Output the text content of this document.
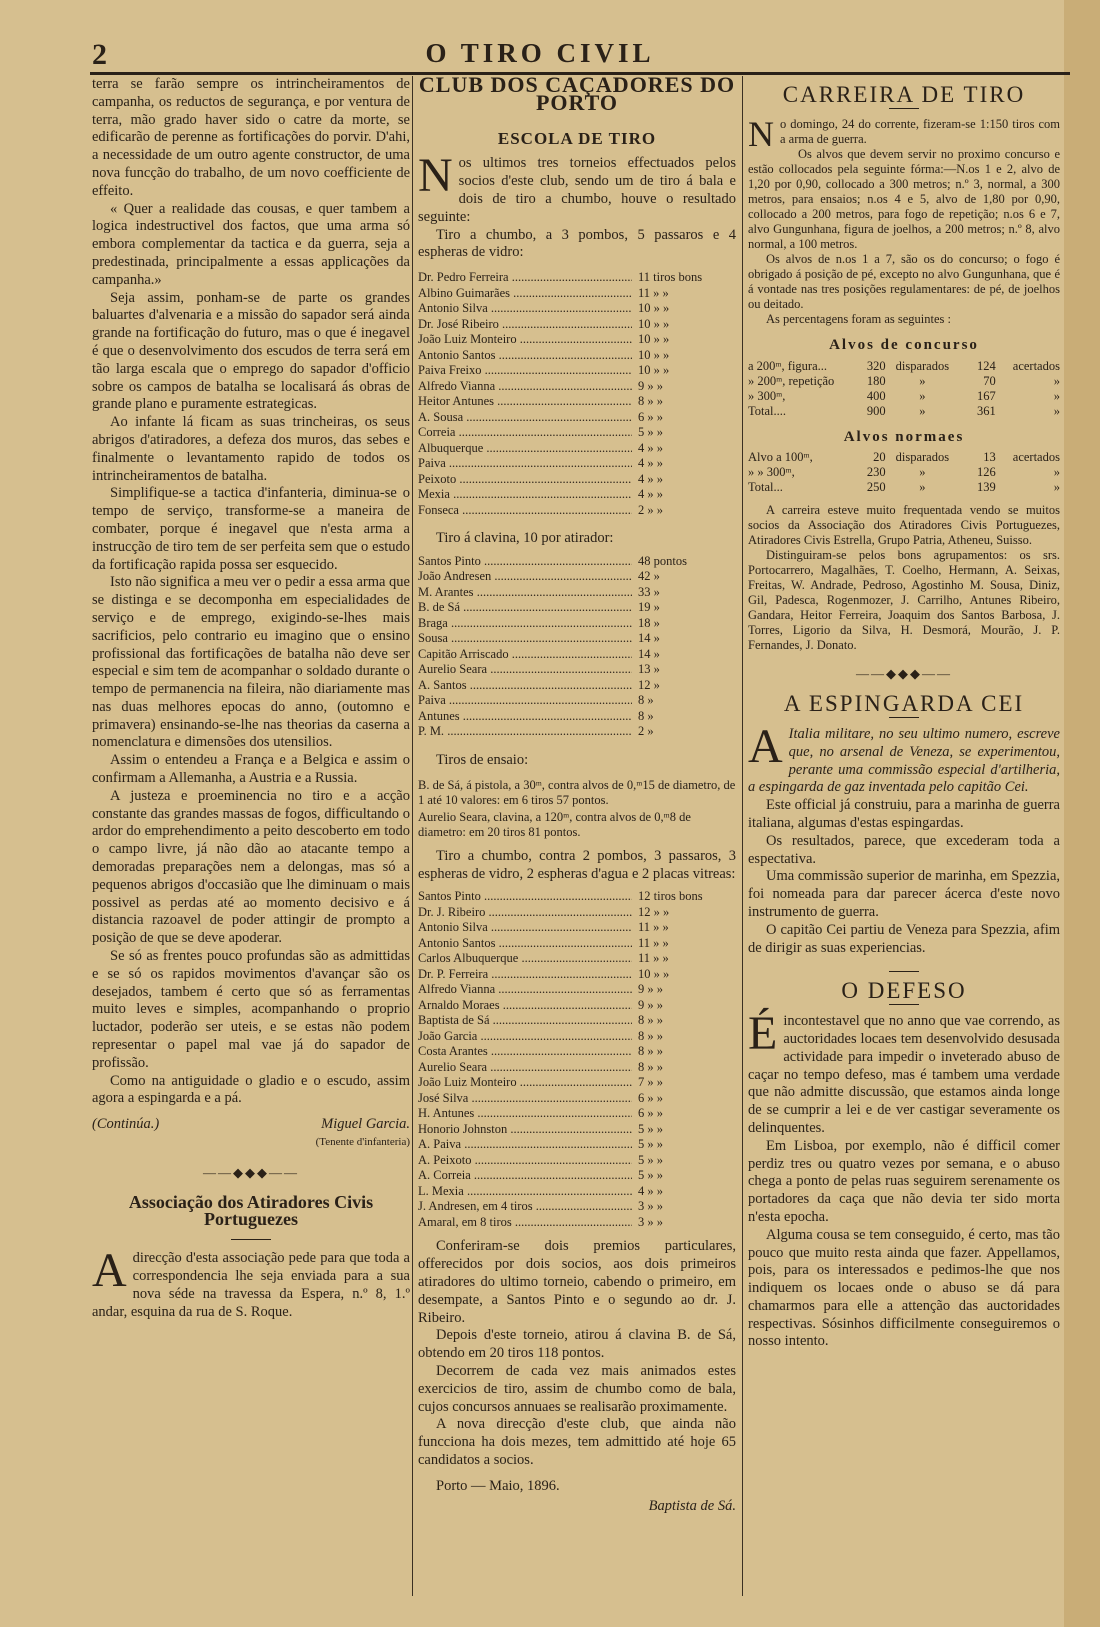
2	O TIRO CIVIL

terra se farão sempre os intrincheiramentos de campanha, os reductos de segurança, e por ventura de terra, mão grado haver sido o catre da morte, se edificarão de perenne as fortificações do porvir. D'ahi, a necessidade de um outro agente constructor, de uma nova funcção do trabalho, de um novo coefficiente de effeito.

« Quer a realidade das cousas, e quer tambem a logica indestructivel dos factos, que uma arma só embora complementar da tactica e da guerra, seja a predestinada, principalmente a essas applicações da campanha.»

Seja assim, ponham-se de parte os grandes baluartes d'alvenaria e a missão do sapador será ainda grande na fortificação do futuro, mas o que é inegavel é que o desenvolvimento dos escudos de terra será em tão larga escala que o emprego do sapador d'officio sobre os campos de batalha se localisará ás obras de grande plano e puramente estrategicas.

Ao infante lá ficam as suas trincheiras, os seus abrigos d'atiradores, a defeza dos muros, das sebes e finalmente o levantamento rapido de todos os intrincheiramentos de batalha.

Simplifique-se a tactica d'infanteria, diminua-se o tempo de serviço, transforme-se a maneira de combater, porque é inegavel que n'esta arma a instrucção de tiro tem de ser perfeita sem que o estudo da fortificação rapida possa ser esquecido.

Isto não significa a meu ver o pedir a essa arma que se distinga e se decomponha em especialidades de serviço e de emprego, exigindo-se-lhes mais sacrificios, pelo contrario eu imagino que o ensino profissional das fortificações de batalha não deve ser especial e sim tem de acompanhar o soldado durante o tempo de permanencia na fileira, não diariamente mas nas duas melhores epocas do anno, (outomno e primavera) ensinando-se-lhe nas theorias da caserna a nomenclatura e dimensões dos utensilios.

Assim o entendeu a França e a Belgica e assim o confirmam a Allemanha, a Austria e a Russia.

A justeza e proeminencia no tiro e a acção constante das grandes massas de fogos, difficultando o ardor do emprehendimento a peito descoberto em todo o campo livre, já não dão ao atacante tempo a demoradas preparações nem a delongas, mas só a pequenos abrigos d'occasião que lhe diminuam o mais possivel as perdas até ao momento decisivo e á distancia razoavel de poder attingir de prompto a posição de que se deve apoderar.

Se só as frentes pouco profundas são as admittidas e se só os rapidos movimentos d'avançar são os desejados, tambem é certo que só as ferramentas muito leves e simples, acompanhando o proprio luctador, poderão ser uteis, e se estas não podem representar o papel mal vae já do sapador de profissão.

Como na antiguidade o gladio e o escudo, assim agora a espingarda e a pá.

(Continúa.)	Miguel Garcia.
(Tenente d'infanteria)
——◆◆◆——
Associação dos Atiradores Civis Portuguezes

A direcção d'esta associação pede para que toda a correspondencia lhe seja enviada para a sua nova séde na travessa da Espera, n.º 8, 1.º andar, esquina da rua de S. Roque.

CLUB DOS CAÇADORES DO PORTO
ESCOLA DE TIRO

N os ultimos tres torneios effectuados pelos socios d'este club, sendo um de tiro á bala e dois de tiro a chumbo, houve o resultado seguinte:

Tiro a chumbo, a 3 pombos, 5 passaros e 4 espheras de vidro:

Dr. Pedro Ferreira .....	11 tiros bons
Albino Guimarães .....	11 » »
Antonio Silva .....	10 » »
Dr. José Ribeiro .....	10 » »
João Luiz Monteiro .....	10 » »
Antonio Santos .....	10 » »
Paiva Freixo .....	10 » »
Alfredo Vianna .....	9 » »
Heitor Antunes .....	8 » »
A. Sousa .....	6 » »
Correia .....	5 » »
Albuquerque .....	4 » »
Paiva .....	4 » »
Peixoto .....	4 » »
Mexia .....	4 » »
Fonseca .....	2 » »

Tiro á clavina, 10 por atirador:

Santos Pinto .....	48 pontos
João Andresen .....	42 »
M. Arantes .....	33 »
B. de Sá .....	19 »
Braga .....	18 »
Sousa .....	14 »
Capitão Arriscado .....	14 »
Aurelio Seara .....	13 »
A. Santos .....	12 »
Paiva .....	8 »
Antunes .....	8 »
P. M. .....	2 »

Tiros de ensaio:

B. de Sá, á pistola, a 30ᵐ, contra alvos de 0,ᵐ15 de diametro, de 1 até 10 valores: em 6 tiros 57 pontos.
Aurelio Seara, clavina, a 120ᵐ, contra alvos de 0,ᵐ8 de diametro: em 20 tiros 81 pontos.

Tiro a chumbo, contra 2 pombos, 3 passaros, 3 espheras de vidro, 2 espheras d'agua e 2 placas vitreas:

Santos Pinto .....	12 tiros bons
Dr. J. Ribeiro .....	12 » »
Antonio Silva .....	11 » »
Antonio Santos .....	11 » »
Carlos Albuquerque .....	11 » »
Dr. P. Ferreira .....	10 » »
Alfredo Vianna .....	9 » »
Arnaldo Moraes .....	9 » »
Baptista de Sá .....	8 » »
João Garcia .....	8 » »
Costa Arantes .....	8 » »
Aurelio Seara .....	8 » »
João Luiz Monteiro .....	7 » »
José Silva .....	6 » »
H. Antunes .....	6 » »
Honorio Johnston .....	5 » »
A. Paiva .....	5 » »
A. Peixoto .....	5 » »
A. Correia .....	5 » »
L. Mexia .....	4 » »
J. Andresen, em 4 tiros .....	3 » »
Amaral, em 8 tiros .....	3 » »

Conferiram-se dois premios particulares, offerecidos por dois socios, aos dois primeiros atiradores do ultimo torneio, cabendo o primeiro, em desempate, a Santos Pinto e o segundo ao dr. J. Ribeiro.

Depois d'este torneio, atirou á clavina B. de Sá, obtendo em 20 tiros 118 pontos.

Decorrem de cada vez mais animados estes exercicios de tiro, assim de chumbo como de bala, cujos concursos annuaes se realisarão proximamente.

A nova direcção d'este club, que ainda não funcciona ha dois mezes, tem admittido até hoje 65 candidatos a socios.

Porto — Maio, 1896.
Baptista de Sá.
CARREIRA DE TIRO

N o domingo, 24 do corrente, fizeram-se 1:150 tiros com a arma de guerra.

Os alvos que devem servir no proximo concurso e estão collocados pela seguinte fórma:—N.os 1 e 2, alvo de 1,20 por 0,90, collocado a 300 metros; n.º 3, normal, a 300 metros, para ensaios; n.os 4 e 5, alvo de 1,80 por 0,90, collocado a 200 metros, para fogo de repetição; n.os 6 e 7, alvo Gungunhana, figura de joelhos, a 200 metros; n.º 8, alvo normal, a 100 metros.

Os alvos de n.os 1 a 7, são os do concurso; o fogo é obrigado á posição de pé, excepto no alvo Gungunhana, que é á vontade nas tres posições regulamentares: de pé, de joelhos ou deitado.

As percentagens foram as seguintes :

Alvos de concurso
a 200ᵐ, figura...	320 disparados	124	acertados
» 200ᵐ, repetição	180	»	70	»
» 300ᵐ,	400	»	167	»
Total....	900	»	361	»
Alvos normaes
Alvo a 100ᵐ,	20 disparados	13	acertados
» » 300ᵐ,	230	»	126	»
Total...	250	»	139	»

A carreira esteve muito frequentada vendo se muitos socios da Associação dos Atiradores Civis Portuguezes, Atiradores Civis Estrella, Grupo Patria, Atheneu, Suisso.

Distinguiram-se pelos bons agrupamentos: os srs. Portocarrero, Magalhães, T. Coelho, Hermann, A. Seixas, Freitas, W. Andrade, Pedroso, Agostinho M. Sousa, Diniz, Gil, Padesca, Rogenmozer, J. Carrilho, Antunes Ribeiro, Gandara, Heitor Ferreira, Joaquim dos Santos Barbosa, J. Torres, Ligorio da Silva, H. Desmorá, Mourão, J. P. Fernandes, J. Donato.

——◆◆◆——
A ESPINGARDA CEI

A Italia militare, no seu ultimo numero, escreve que, no arsenal de Veneza, se experimentou, perante uma commissão especial d'artilheria, a espingarda de gaz inventada pelo capitão Cei.

Este official já construiu, para a marinha de guerra italiana, algumas d'estas espingardas.

Os resultados, parece, que excederam toda a espectativa.

Uma commissão superior de marinha, em Spezzia, foi nomeada para dar parecer ácerca d'este novo instrumento de guerra.

O capitão Cei partiu de Veneza para Spezzia, afim de dirigir as suas experiencias.

O DEFESO

É incontestavel que no anno que vae correndo, as auctoridades locaes tem desenvolvido desusada actividade para impedir o inveterado abuso de caçar no tempo defeso, mas é tambem uma verdade que não admitte discussão, que estamos ainda longe de se cumprir a lei e de ver castigar severamente os delinquentes.

Em Lisboa, por exemplo, não é difficil comer perdiz tres ou quatro vezes por semana, e o abuso chega a ponto de pelas ruas seguirem serenamente os portadores da caça que não devia ter sido morta n'esta epocha.

Alguma cousa se tem conseguido, é certo, mas tão pouco que muito resta ainda que fazer. Appellamos, pois, para os interessados e pedimos-lhe que nos indiquem os locaes onde o abuso se dá para chamarmos para elle a attenção das auctoridades respectivas. Sósinhos difficilmente conseguiremos o nosso intento.
